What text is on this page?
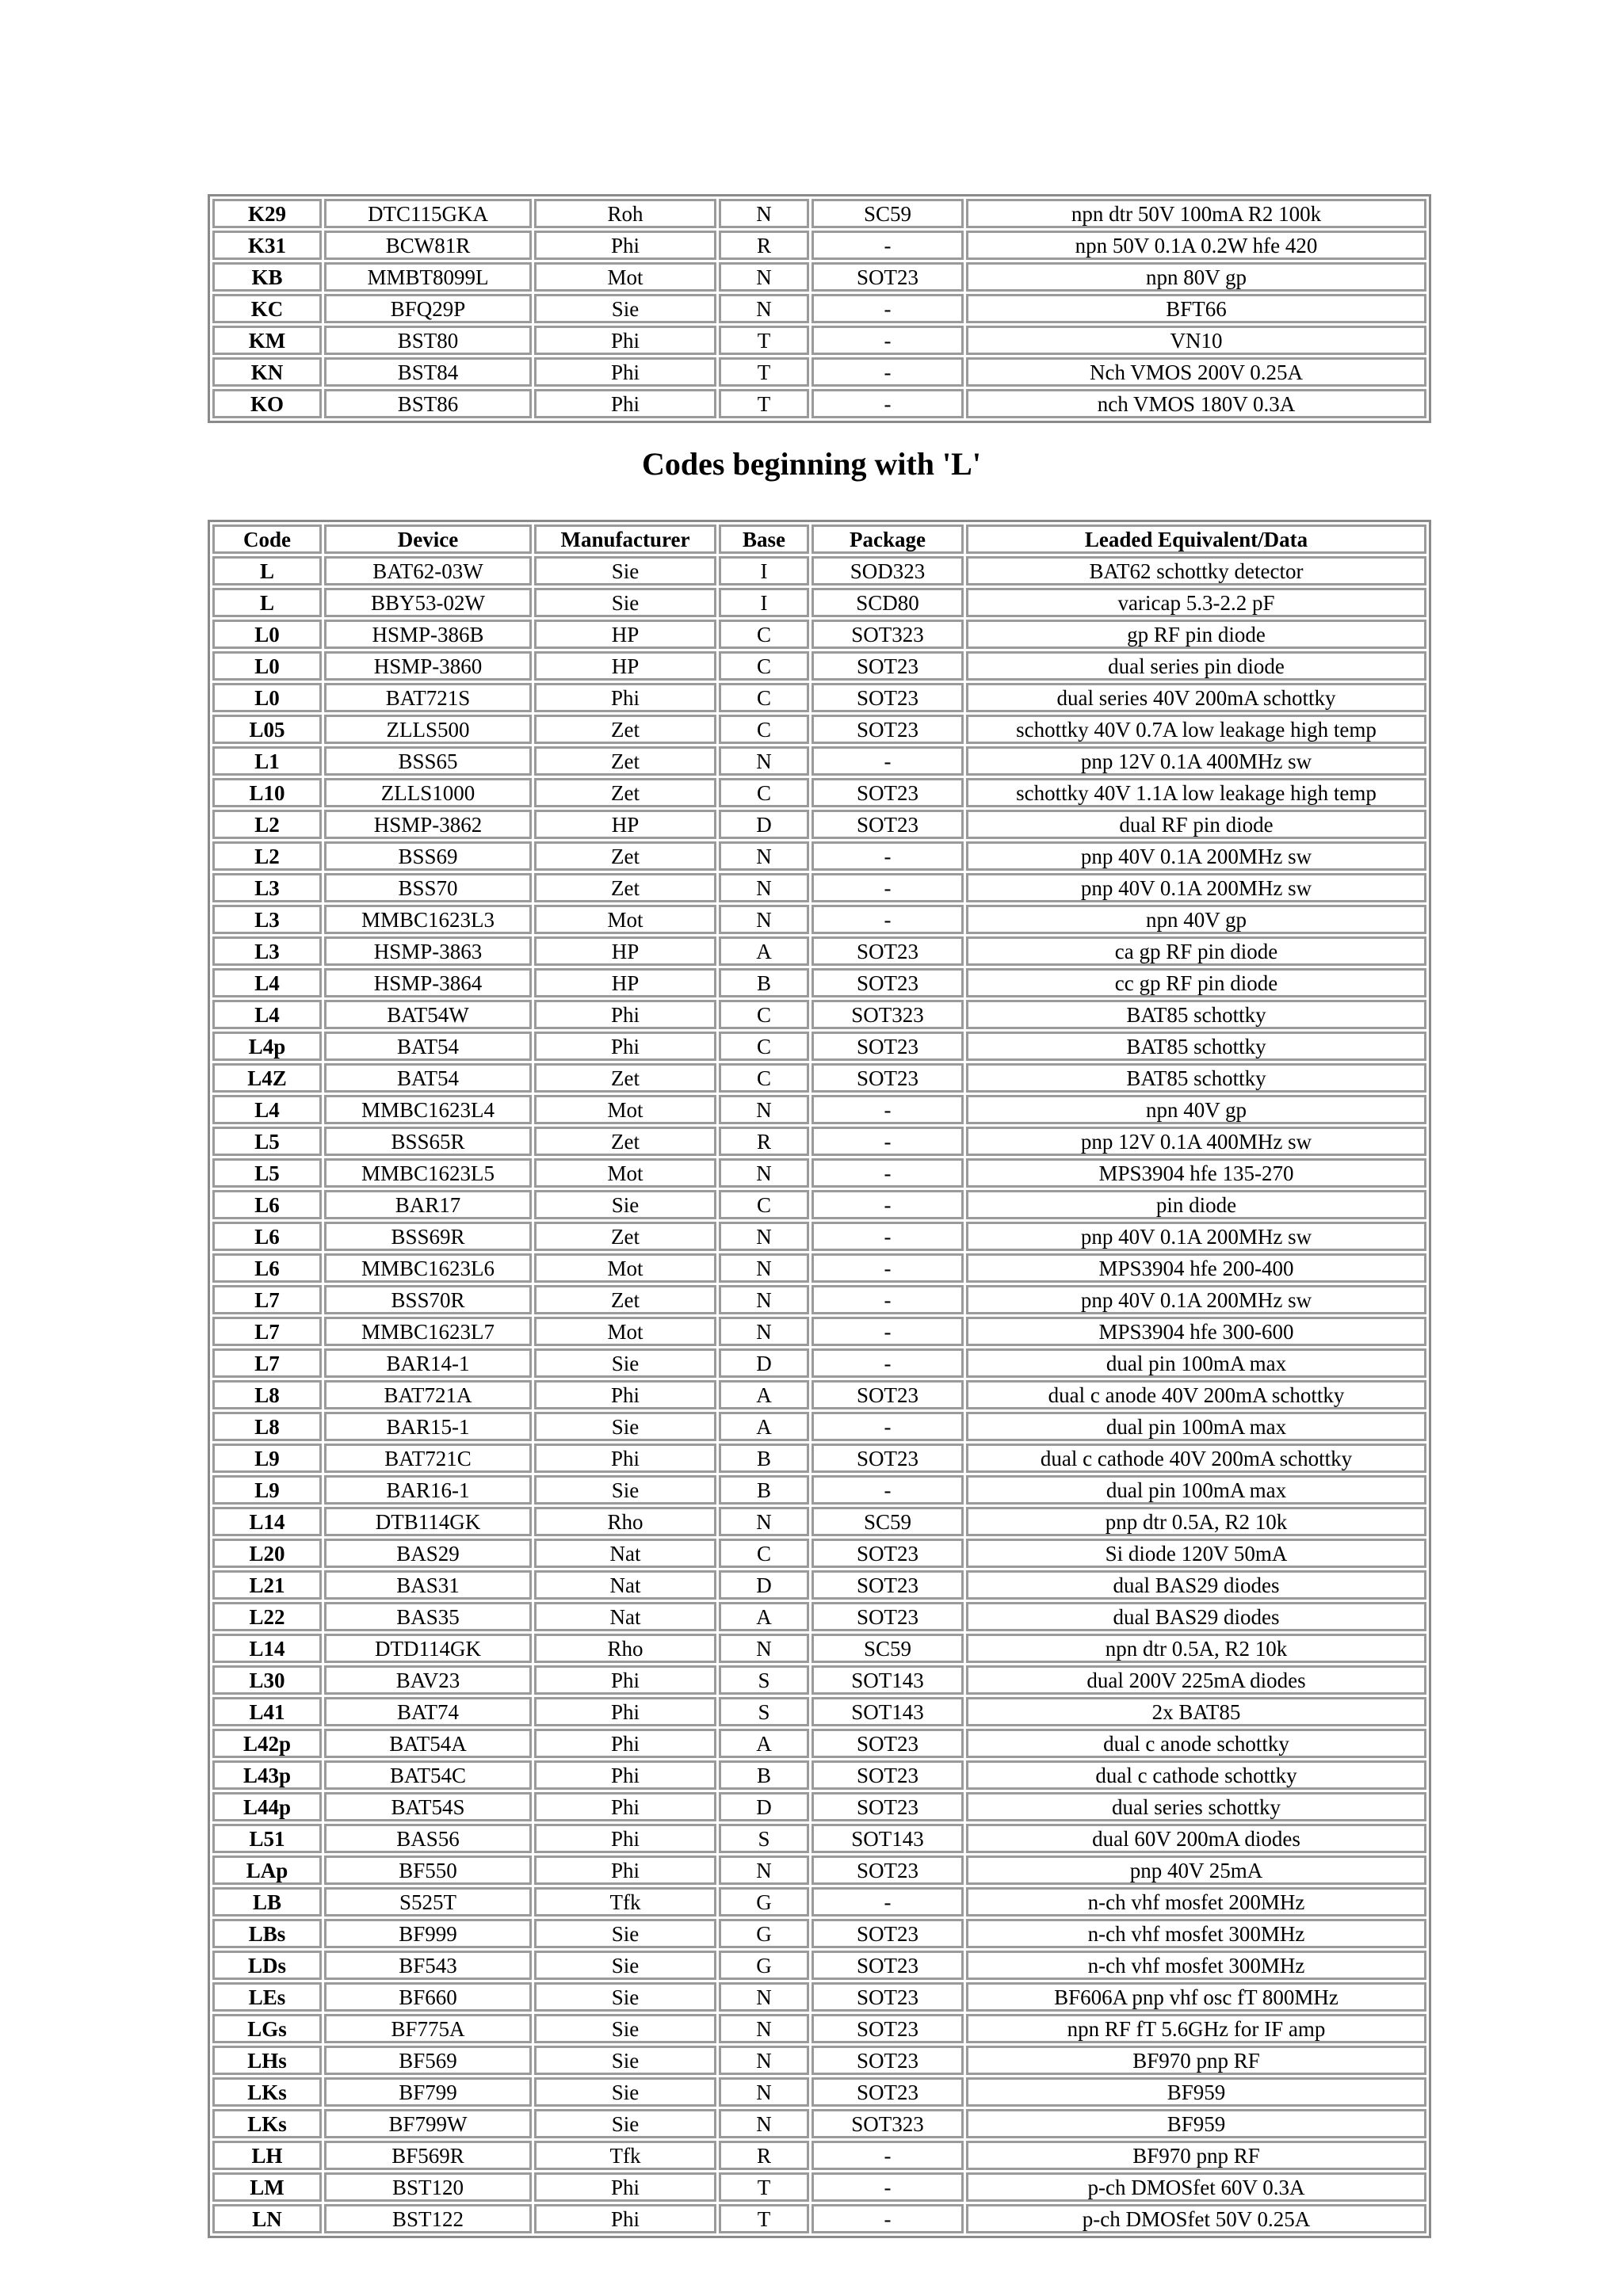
K29	DTC115GKA	Roh	N	SC59	npn dtr 50V 100mA R2 100k
K31	BCW81R	Phi	R	-	npn 50V 0.1A 0.2W hfe 420
KB	MMBT8099L	Mot	N	SOT23	npn 80V gp
KC	BFQ29P	Sie	N	-	BFT66
KM	BST80	Phi	T	-	VN10
KN	BST84	Phi	T	-	Nch VMOS 200V 0.25A
KO	BST86	Phi	T	-	nch VMOS 180V 0.3A
Codes beginning with 'L'
Code	Device	Manufacturer	Base	Package	Leaded Equivalent/Data
L	BAT62-03W	Sie	I	SOD323	BAT62 schottky detector
L	BBY53-02W	Sie	I	SCD80	varicap 5.3-2.2 pF
L0	HSMP-386B	HP	C	SOT323	gp RF pin diode
L0	HSMP-3860	HP	C	SOT23	dual series pin diode
L0	BAT721S	Phi	C	SOT23	dual series 40V 200mA schottky
L05	ZLLS500	Zet	C	SOT23	schottky 40V 0.7A low leakage high temp
L1	BSS65	Zet	N	-	pnp 12V 0.1A 400MHz sw
L10	ZLLS1000	Zet	C	SOT23	schottky 40V 1.1A low leakage high temp
L2	HSMP-3862	HP	D	SOT23	dual RF pin diode
L2	BSS69	Zet	N	-	pnp 40V 0.1A 200MHz sw
L3	BSS70	Zet	N	-	pnp 40V 0.1A 200MHz sw
L3	MMBC1623L3	Mot	N	-	npn 40V gp
L3	HSMP-3863	HP	A	SOT23	ca gp RF pin diode
L4	HSMP-3864	HP	B	SOT23	cc gp RF pin diode
L4	BAT54W	Phi	C	SOT323	BAT85 schottky
L4p	BAT54	Phi	C	SOT23	BAT85 schottky
L4Z	BAT54	Zet	C	SOT23	BAT85 schottky
L4	MMBC1623L4	Mot	N	-	npn 40V gp
L5	BSS65R	Zet	R	-	pnp 12V 0.1A 400MHz sw
L5	MMBC1623L5	Mot	N	-	MPS3904 hfe 135-270
L6	BAR17	Sie	C	-	pin diode
L6	BSS69R	Zet	N	-	pnp 40V 0.1A 200MHz sw
L6	MMBC1623L6	Mot	N	-	MPS3904 hfe 200-400
L7	BSS70R	Zet	N	-	pnp 40V 0.1A 200MHz sw
L7	MMBC1623L7	Mot	N	-	MPS3904 hfe 300-600
L7	BAR14-1	Sie	D	-	dual pin 100mA max
L8	BAT721A	Phi	A	SOT23	dual c anode 40V 200mA schottky
L8	BAR15-1	Sie	A	-	dual pin 100mA max
L9	BAT721C	Phi	B	SOT23	dual c cathode 40V 200mA schottky
L9	BAR16-1	Sie	B	-	dual pin 100mA max
L14	DTB114GK	Rho	N	SC59	pnp dtr 0.5A, R2 10k
L20	BAS29	Nat	C	SOT23	Si diode 120V 50mA
L21	BAS31	Nat	D	SOT23	dual BAS29 diodes
L22	BAS35	Nat	A	SOT23	dual BAS29 diodes
L14	DTD114GK	Rho	N	SC59	npn dtr 0.5A, R2 10k
L30	BAV23	Phi	S	SOT143	dual 200V 225mA diodes
L41	BAT74	Phi	S	SOT143	2x BAT85
L42p	BAT54A	Phi	A	SOT23	dual c anode schottky
L43p	BAT54C	Phi	B	SOT23	dual c cathode schottky
L44p	BAT54S	Phi	D	SOT23	dual series schottky
L51	BAS56	Phi	S	SOT143	dual 60V 200mA diodes
LAp	BF550	Phi	N	SOT23	pnp 40V 25mA
LB	S525T	Tfk	G	-	n-ch vhf mosfet 200MHz
LBs	BF999	Sie	G	SOT23	n-ch vhf mosfet 300MHz
LDs	BF543	Sie	G	SOT23	n-ch vhf mosfet 300MHz
LEs	BF660	Sie	N	SOT23	BF606A pnp vhf osc fT 800MHz
LGs	BF775A	Sie	N	SOT23	npn RF fT 5.6GHz for IF amp
LHs	BF569	Sie	N	SOT23	BF970 pnp RF
LKs	BF799	Sie	N	SOT23	BF959
LKs	BF799W	Sie	N	SOT323	BF959
LH	BF569R	Tfk	R	-	BF970 pnp RF
LM	BST120	Phi	T	-	p-ch DMOSfet 60V 0.3A
LN	BST122	Phi	T	-	p-ch DMOSfet 50V 0.25A
